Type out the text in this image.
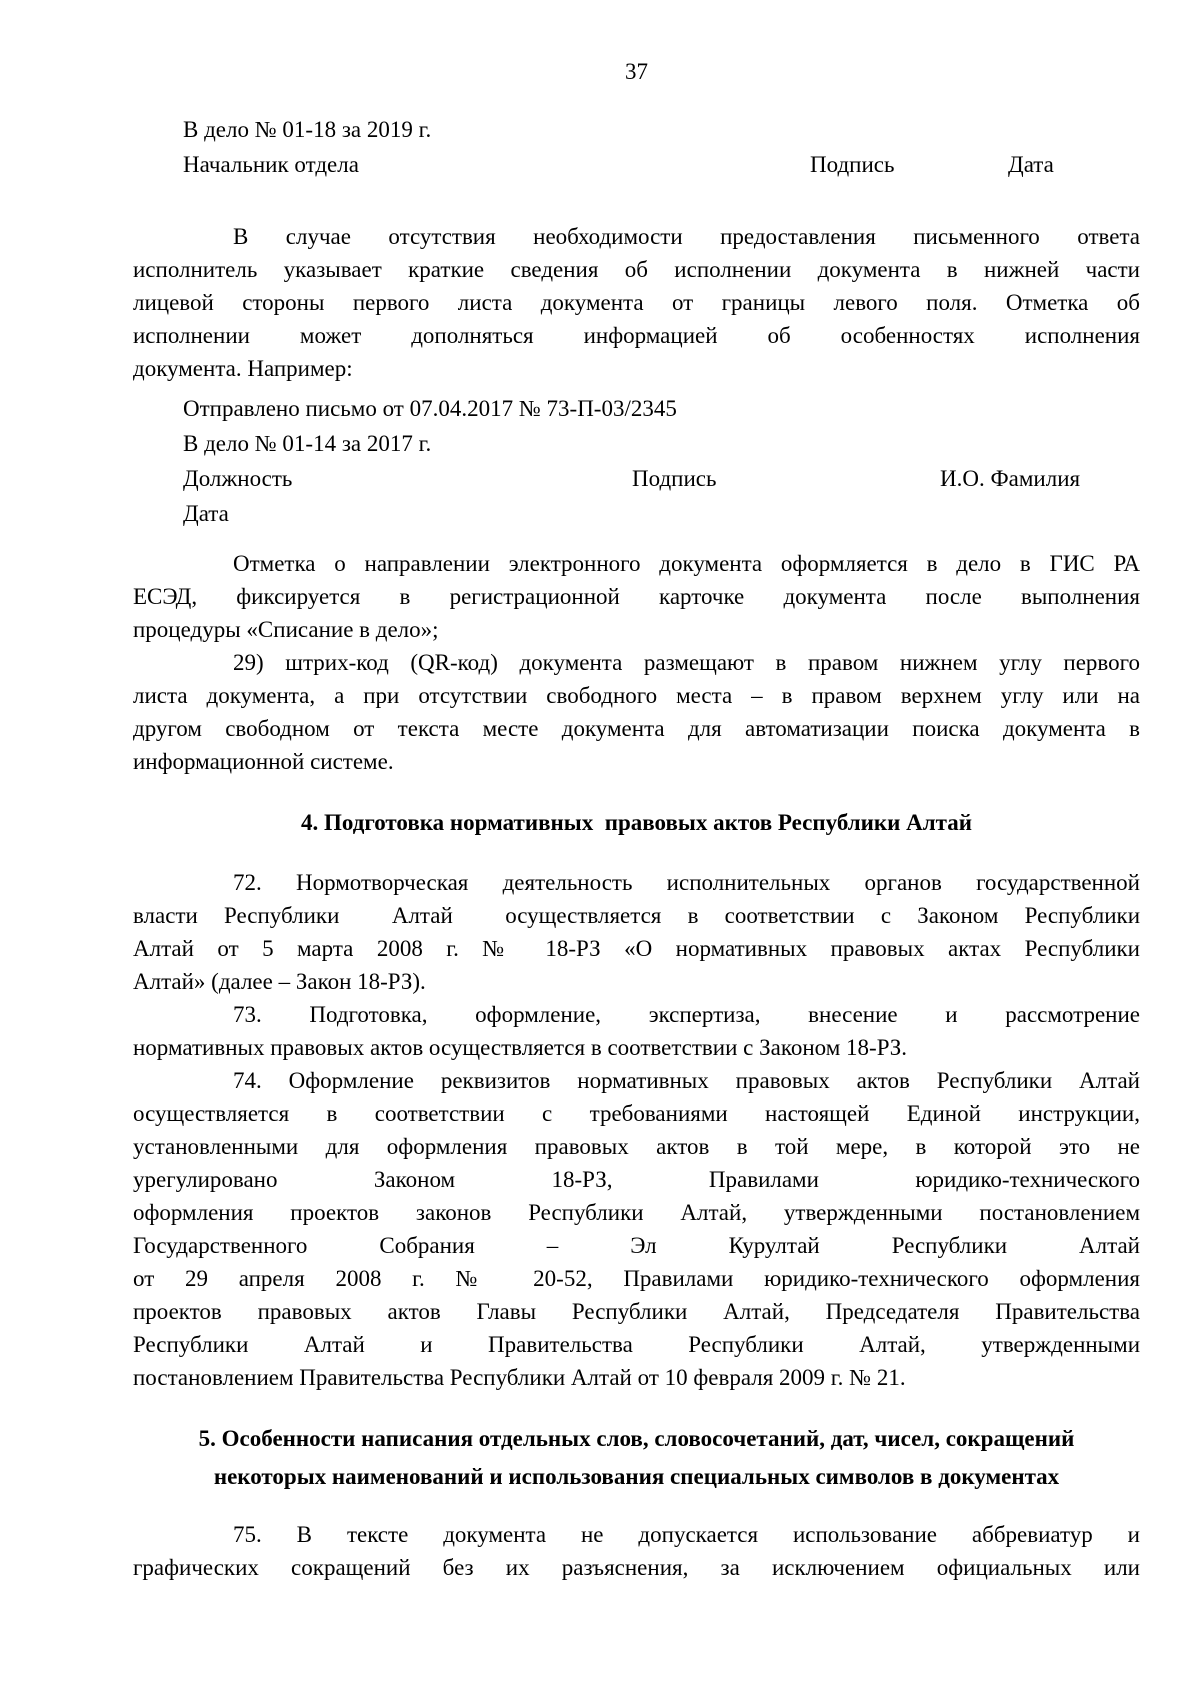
37
В дело № 01-18 за 2019 г.
Начальник отдела	Подпись	Дата
В случае отсутствия необходимости предоставления письменного ответа
исполнитель указывает краткие сведения об исполнении документа в нижней части
лицевой стороны первого листа документа от границы левого поля. Отметка об
исполнении может дополняться информацией об особенностях исполнения
документа. Например:
Отправлено письмо от 07.04.2017 № 73-П-03/2345
В дело № 01-14 за 2017 г.
Должность	Подпись	И.О. Фамилия
Дата
Отметка о направлении электронного документа оформляется в дело в ГИС РА
ЕСЭД, фиксируется в регистрационной карточке документа после выполнения
процедуры «Списание в дело»;
29) штрих-код (QR-код) документа размещают в правом нижнем углу первого
листа документа, а при отсутствии свободного места – в правом верхнем углу или на
другом свободном от текста месте документа для автоматизации поиска документа в
информационной системе.
4. Подготовка нормативных  правовых актов Республики Алтай
72. Нормотворческая деятельность исполнительных органов государственной
власти Республики  Алтай  осуществляется в соответствии с Законом Республики
Алтай от 5 марта 2008 г. № 18-РЗ «О нормативных правовых актах Республики
Алтай» (далее – Закон 18-РЗ).
73. Подготовка, оформление, экспертиза, внесение и рассмотрение
нормативных правовых актов осуществляется в соответствии с Законом 18-РЗ.
74. Оформление реквизитов нормативных правовых актов Республики Алтай
осуществляется в соответствии с требованиями настоящей Единой инструкции,
установленными для оформления правовых актов в той мере, в которой это не
урегулировано Законом 18-РЗ, Правилами юридико-технического
оформления проектов законов Республики Алтай, утвержденными постановлением
Государственного Собрания – Эл Курултай Республики Алтай
от 29 апреля 2008 г. № 20-52, Правилами юридико-технического оформления
проектов правовых актов Главы Республики Алтай, Председателя Правительства
Республики Алтай и Правительства Республики Алтай, утвержденными
постановлением Правительства Республики Алтай от 10 февраля 2009 г. № 21.
5. Особенности написания отдельных слов, словосочетаний, дат, чисел, сокращений
некоторых наименований и использования специальных символов в документах
75. В тексте документа не допускается использование аббревиатур и
графических сокращений без их разъяснения, за исключением официальных или
